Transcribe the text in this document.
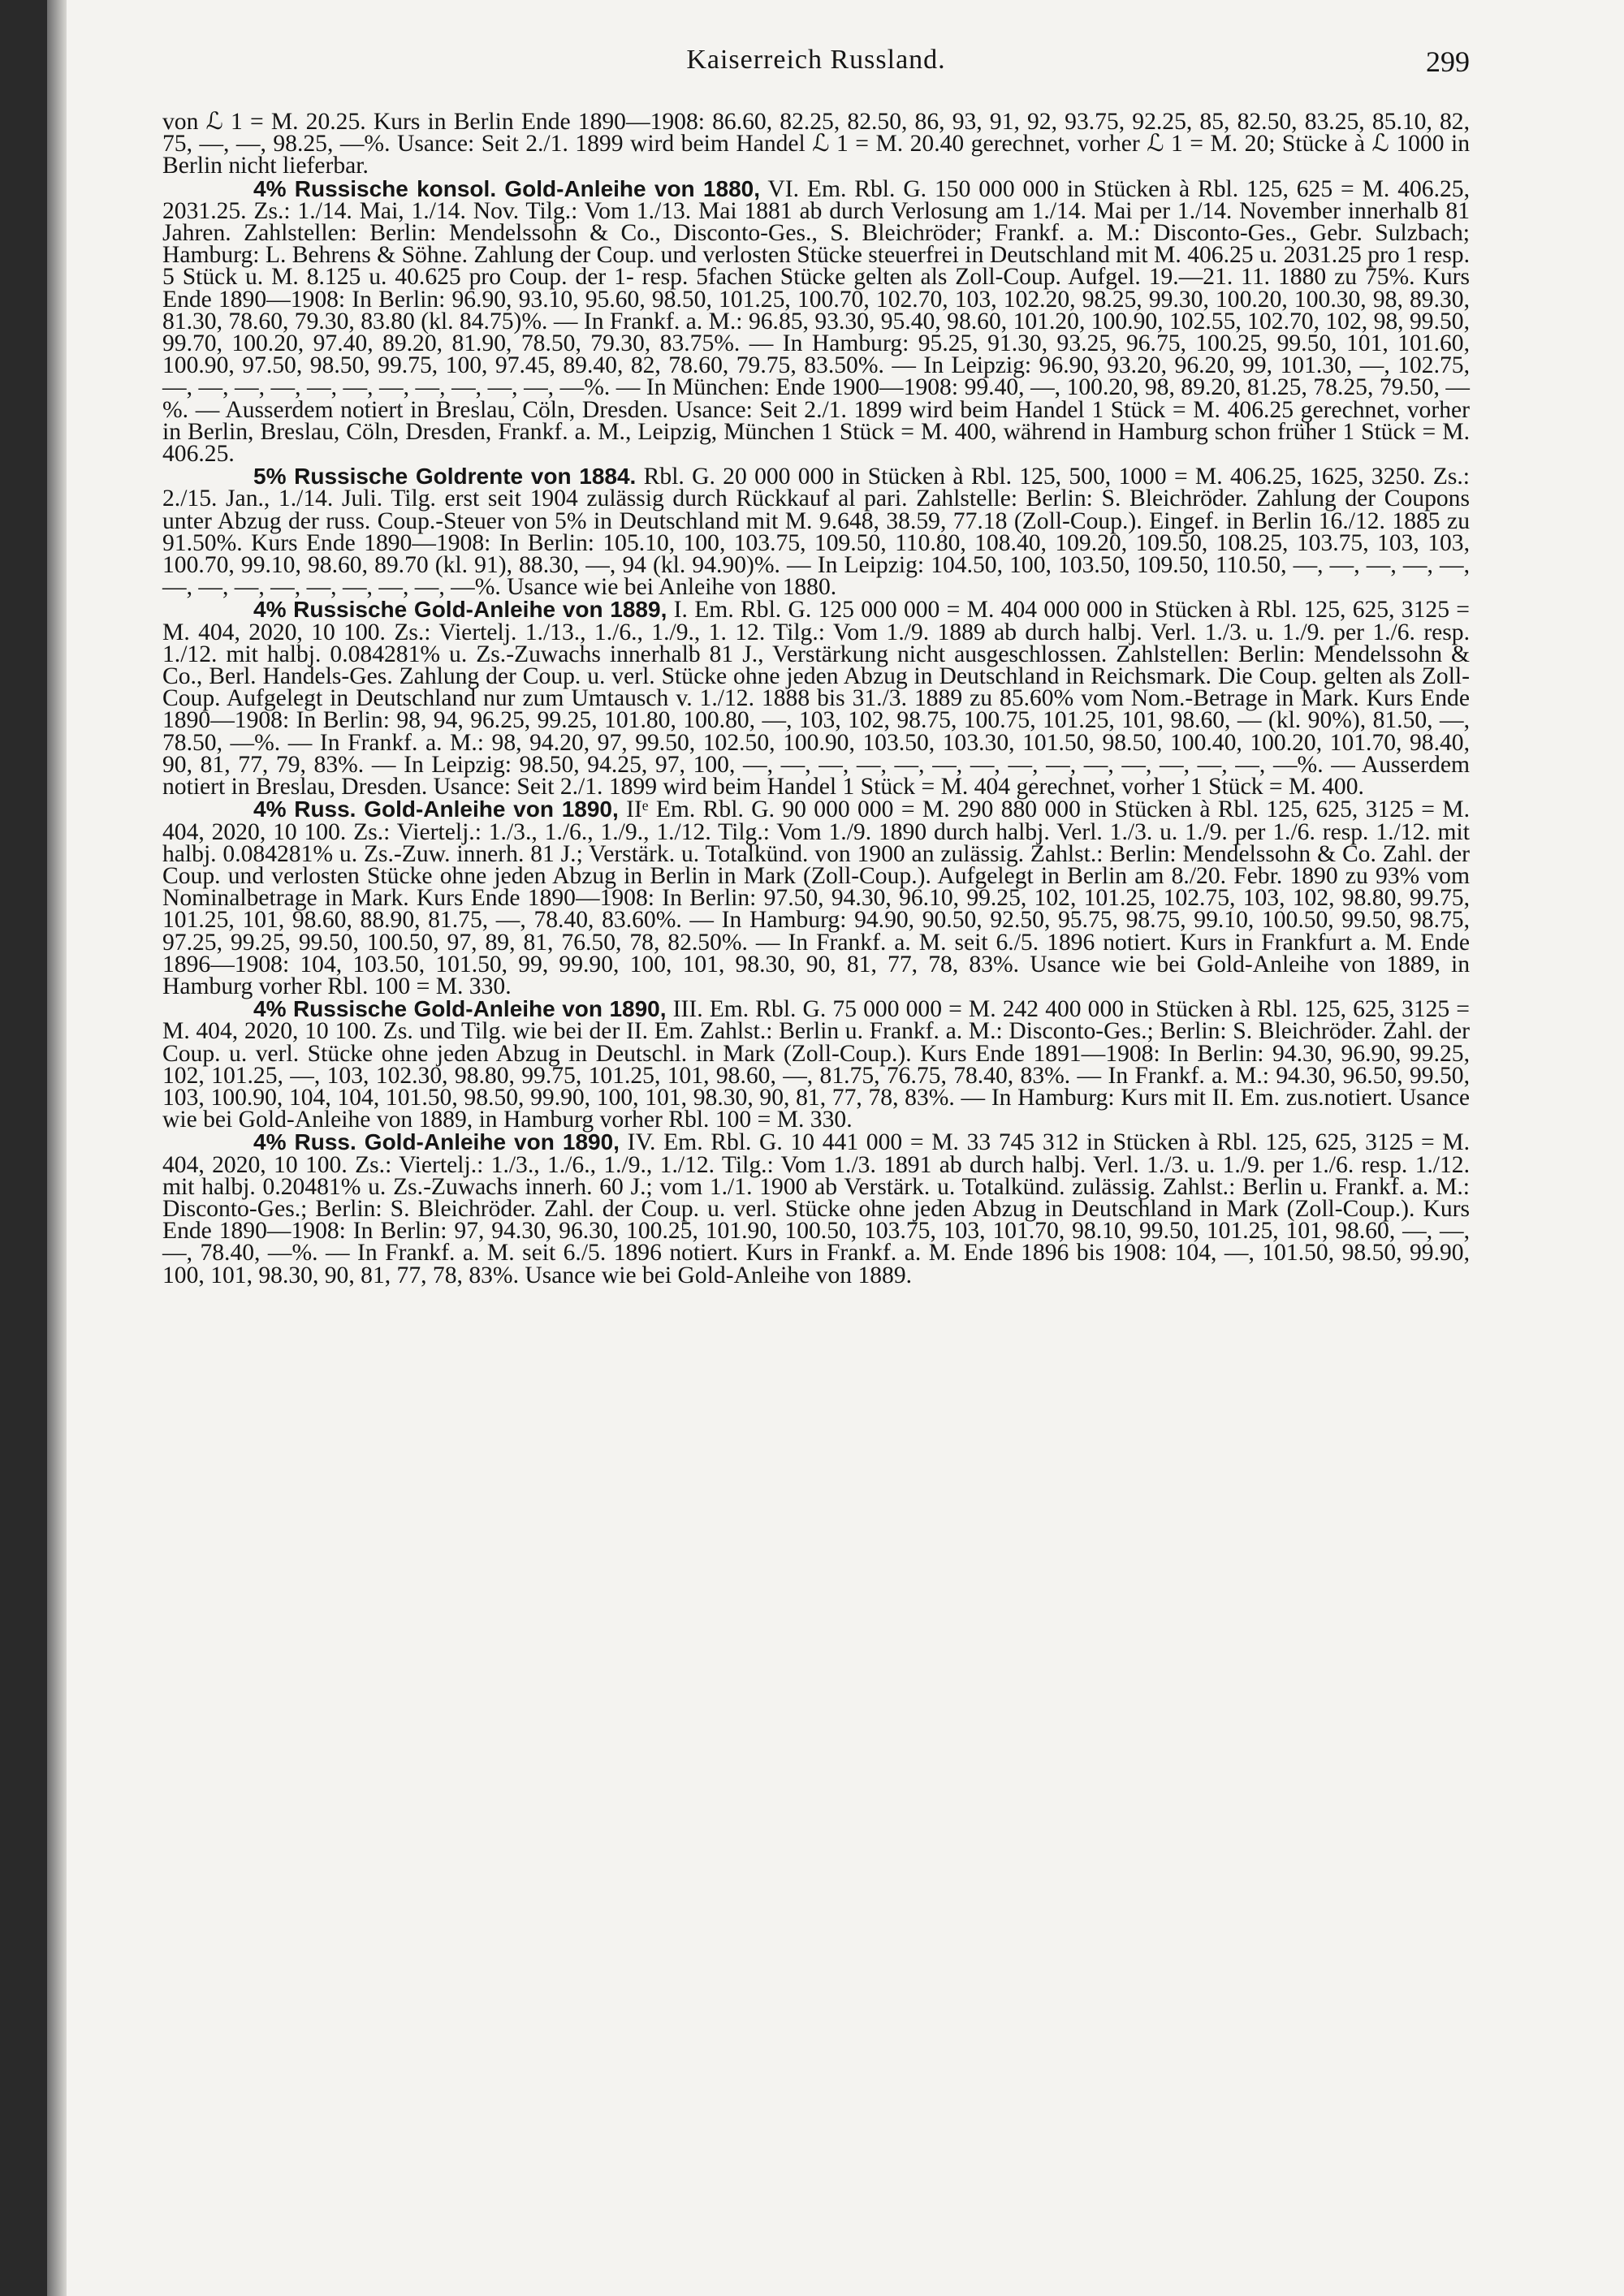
Kaiserreich Russland.	299

von ℒ 1 = M. 20.25. Kurs in Berlin Ende 1890—1908: 86.60, 82.25, 82.50, 86, 93, 91, 92, 93.75, 92.25, 85, 82.50, 83.25, 85.10, 82, 75, —, —, 98.25, —%. Usance: Seit 2./1. 1899 wird beim Handel ℒ 1 = M. 20.40 gerechnet, vorher ℒ 1 = M. 20; Stücke à ℒ 1000 in Berlin nicht lieferbar.

4% Russische konsol. Gold-Anleihe von 1880, VI. Em. Rbl. G. 150 000 000 in Stücken à Rbl. 125, 625 = M. 406.25, 2031.25. Zs.: 1./14. Mai, 1./14. Nov. Tilg.: Vom 1./13. Mai 1881 ab durch Verlosung am 1./14. Mai per 1./14. November innerhalb 81 Jahren. Zahlstellen: Berlin: Mendelssohn & Co., Disconto-Ges., S. Bleichröder; Frankf. a. M.: Disconto-Ges., Gebr. Sulzbach; Hamburg: L. Behrens & Söhne. Zahlung der Coup. und verlosten Stücke steuerfrei in Deutschland mit M. 406.25 u. 2031.25 pro 1 resp. 5 Stück u. M. 8.125 u. 40.625 pro Coup. der 1- resp. 5fachen Stücke gelten als Zoll-Coup. Aufgel. 19.—21. 11. 1880 zu 75%. Kurs Ende 1890—1908: In Berlin: 96.90, 93.10, 95.60, 98.50, 101.25, 100.70, 102.70, 103, 102.20, 98.25, 99.30, 100.20, 100.30, 98, 89.30, 81.30, 78.60, 79.30, 83.80 (kl. 84.75)%. — In Frankf. a. M.: 96.85, 93.30, 95.40, 98.60, 101.20, 100.90, 102.55, 102.70, 102, 98, 99.50, 99.70, 100.20, 97.40, 89.20, 81.90, 78.50, 79.30, 83.75%. — In Hamburg: 95.25, 91.30, 93.25, 96.75, 100.25, 99.50, 101, 101.60, 100.90, 97.50, 98.50, 99.75, 100, 97.45, 89.40, 82, 78.60, 79.75, 83.50%. — In Leipzig: 96.90, 93.20, 96.20, 99, 101.30, —, 102.75, —, —, —, —, —, —, —, —, —, —, —, —%. — In München: Ende 1900—1908: 99.40, —, 100.20, 98, 89.20, 81.25, 78.25, 79.50, —%. — Ausserdem notiert in Breslau, Cöln, Dresden. Usance: Seit 2./1. 1899 wird beim Handel 1 Stück = M. 406.25 gerechnet, vorher in Berlin, Breslau, Cöln, Dresden, Frankf. a. M., Leipzig, München 1 Stück = M. 400, während in Hamburg schon früher 1 Stück = M. 406.25.

5% Russische Goldrente von 1884. Rbl. G. 20 000 000 in Stücken à Rbl. 125, 500, 1000 = M. 406.25, 1625, 3250. Zs.: 2./15. Jan., 1./14. Juli. Tilg. erst seit 1904 zulässig durch Rückkauf al pari. Zahlstelle: Berlin: S. Bleichröder. Zahlung der Coupons unter Abzug der russ. Coup.-Steuer von 5% in Deutschland mit M. 9.648, 38.59, 77.18 (Zoll-Coup.). Eingef. in Berlin 16./12. 1885 zu 91.50%. Kurs Ende 1890—1908: In Berlin: 105.10, 100, 103.75, 109.50, 110.80, 108.40, 109.20, 109.50, 108.25, 103.75, 103, 103, 100.70, 99.10, 98.60, 89.70 (kl. 91), 88.30, —, 94 (kl. 94.90)%. — In Leipzig: 104.50, 100, 103.50, 109.50, 110.50, —, —, —, —, —, —, —, —, —, —, —, —, —, —%. Usance wie bei Anleihe von 1880.

4% Russische Gold-Anleihe von 1889, I. Em. Rbl. G. 125 000 000 = M. 404 000 000 in Stücken à Rbl. 125, 625, 3125 = M. 404, 2020, 10 100. Zs.: Viertelj. 1./13., 1./6., 1./9., 1. 12. Tilg.: Vom 1./9. 1889 ab durch halbj. Verl. 1./3. u. 1./9. per 1./6. resp. 1./12. mit halbj. 0.084281% u. Zs.-Zuwachs innerhalb 81 J., Verstärkung nicht ausgeschlossen. Zahlstellen: Berlin: Mendelssohn & Co., Berl. Handels-Ges. Zahlung der Coup. u. verl. Stücke ohne jeden Abzug in Deutschland in Reichsmark. Die Coup. gelten als Zoll-Coup. Aufgelegt in Deutschland nur zum Umtausch v. 1./12. 1888 bis 31./3. 1889 zu 85.60% vom Nom.-Betrage in Mark. Kurs Ende 1890—1908: In Berlin: 98, 94, 96.25, 99.25, 101.80, 100.80, —, 103, 102, 98.75, 100.75, 101.25, 101, 98.60, — (kl. 90%), 81.50, —, 78.50, —%. — In Frankf. a. M.: 98, 94.20, 97, 99.50, 102.50, 100.90, 103.50, 103.30, 101.50, 98.50, 100.40, 100.20, 101.70, 98.40, 90, 81, 77, 79, 83%. — In Leipzig: 98.50, 94.25, 97, 100, —, —, —, —, —, —, —, —, —, —, —, —, —, —, —%. — Ausserdem notiert in Breslau, Dresden. Usance: Seit 2./1. 1899 wird beim Handel 1 Stück = M. 404 gerechnet, vorher 1 Stück = M. 400.

4% Russ. Gold-Anleihe von 1890, IIᵉ Em. Rbl. G. 90 000 000 = M. 290 880 000 in Stücken à Rbl. 125, 625, 3125 = M. 404, 2020, 10 100. Zs.: Viertelj.: 1./3., 1./6., 1./9., 1./12. Tilg.: Vom 1./9. 1890 durch halbj. Verl. 1./3. u. 1./9. per 1./6. resp. 1./12. mit halbj. 0.084281% u. Zs.-Zuw. innerh. 81 J.; Verstärk. u. Totalkünd. von 1900 an zulässig. Zahlst.: Berlin: Mendelssohn & Co. Zahl. der Coup. und verlosten Stücke ohne jeden Abzug in Berlin in Mark (Zoll-Coup.). Aufgelegt in Berlin am 8./20. Febr. 1890 zu 93% vom Nominalbetrage in Mark. Kurs Ende 1890—1908: In Berlin: 97.50, 94.30, 96.10, 99.25, 102, 101.25, 102.75, 103, 102, 98.80, 99.75, 101.25, 101, 98.60, 88.90, 81.75, —, 78.40, 83.60%. — In Hamburg: 94.90, 90.50, 92.50, 95.75, 98.75, 99.10, 100.50, 99.50, 98.75, 97.25, 99.25, 99.50, 100.50, 97, 89, 81, 76.50, 78, 82.50%. — In Frankf. a. M. seit 6./5. 1896 notiert. Kurs in Frankfurt a. M. Ende 1896—1908: 104, 103.50, 101.50, 99, 99.90, 100, 101, 98.30, 90, 81, 77, 78, 83%. Usance wie bei Gold-Anleihe von 1889, in Hamburg vorher Rbl. 100 = M. 330.

4% Russische Gold-Anleihe von 1890, III. Em. Rbl. G. 75 000 000 = M. 242 400 000 in Stücken à Rbl. 125, 625, 3125 = M. 404, 2020, 10 100. Zs. und Tilg. wie bei der II. Em. Zahlst.: Berlin u. Frankf. a. M.: Disconto-Ges.; Berlin: S. Bleichröder. Zahl. der Coup. u. verl. Stücke ohne jeden Abzug in Deutschl. in Mark (Zoll-Coup.). Kurs Ende 1891—1908: In Berlin: 94.30, 96.90, 99.25, 102, 101.25, —, 103, 102.30, 98.80, 99.75, 101.25, 101, 98.60, —, 81.75, 76.75, 78.40, 83%. — In Frankf. a. M.: 94.30, 96.50, 99.50, 103, 100.90, 104, 104, 101.50, 98.50, 99.90, 100, 101, 98.30, 90, 81, 77, 78, 83%. — In Hamburg: Kurs mit II. Em. zus.notiert. Usance wie bei Gold-Anleihe von 1889, in Hamburg vorher Rbl. 100 = M. 330.

4% Russ. Gold-Anleihe von 1890, IV. Em. Rbl. G. 10 441 000 = M. 33 745 312 in Stücken à Rbl. 125, 625, 3125 = M. 404, 2020, 10 100. Zs.: Viertelj.: 1./3., 1./6., 1./9., 1./12. Tilg.: Vom 1./3. 1891 ab durch halbj. Verl. 1./3. u. 1./9. per 1./6. resp. 1./12. mit halbj. 0.20481% u. Zs.-Zuwachs innerh. 60 J.; vom 1./1. 1900 ab Verstärk. u. Totalkünd. zulässig. Zahlst.: Berlin u. Frankf. a. M.: Disconto-Ges.; Berlin: S. Bleichröder. Zahl. der Coup. u. verl. Stücke ohne jeden Abzug in Deutschland in Mark (Zoll-Coup.). Kurs Ende 1890—1908: In Berlin: 97, 94.30, 96.30, 100.25, 101.90, 100.50, 103.75, 103, 101.70, 98.10, 99.50, 101.25, 101, 98.60, —, —, —, 78.40, —%. — In Frankf. a. M. seit 6./5. 1896 notiert. Kurs in Frankf. a. M. Ende 1896 bis 1908: 104, —, 101.50, 98.50, 99.90, 100, 101, 98.30, 90, 81, 77, 78, 83%. Usance wie bei Gold-Anleihe von 1889.
